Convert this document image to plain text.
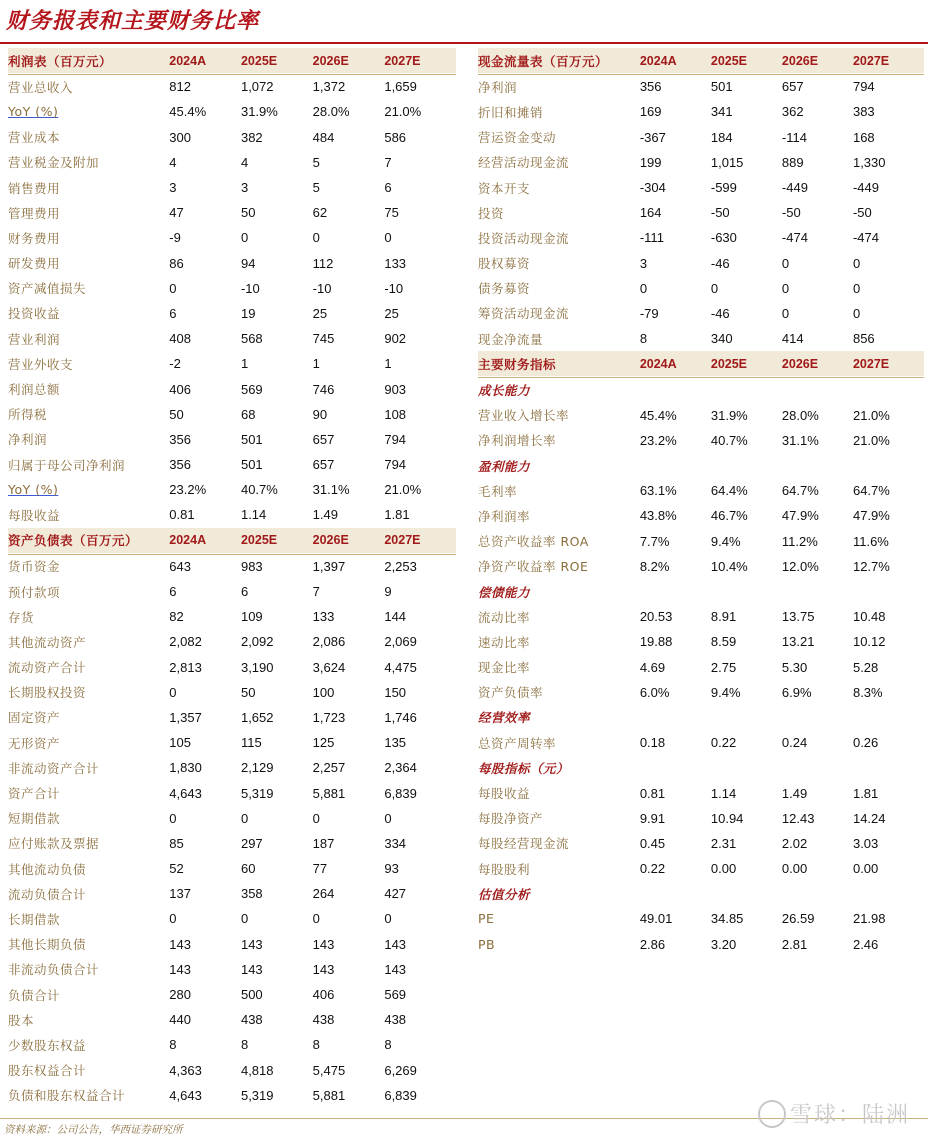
财务报表和主要财务比率
利润表（百万元）	2024A	2025E	2026E	2027E
营业总收入	812	1,072	1,372	1,659
YoY (%)	45.4%	31.9%	28.0%	21.0%
营业成本	300	382	484	586
营业税金及附加	4	4	5	7
销售费用	3	3	5	6
管理费用	47	50	62	75
财务费用	-9	0	0	0
研发费用	86	94	112	133
资产减值损失	0	-10	-10	-10
投资收益	6	19	25	25
营业利润	408	568	745	902
营业外收支	-2	1	1	1
利润总额	406	569	746	903
所得税	50	68	90	108
净利润	356	501	657	794
归属于母公司净利润	356	501	657	794
YoY (%)	23.2%	40.7%	31.1%	21.0%
每股收益	0.81	1.14	1.49	1.81
资产负债表（百万元）	2024A	2025E	2026E	2027E
货币资金	643	983	1,397	2,253
预付款项	6	6	7	9
存货	82	109	133	144
其他流动资产	2,082	2,092	2,086	2,069
流动资产合计	2,813	3,190	3,624	4,475
长期股权投资	0	50	100	150
固定资产	1,357	1,652	1,723	1,746
无形资产	105	115	125	135
非流动资产合计	1,830	2,129	2,257	2,364
资产合计	4,643	5,319	5,881	6,839
短期借款	0	0	0	0
应付账款及票据	85	297	187	334
其他流动负债	52	60	77	93
流动负债合计	137	358	264	427
长期借款	0	0	0	0
其他长期负债	143	143	143	143
非流动负债合计	143	143	143	143
负债合计	280	500	406	569
股本	440	438	438	438
少数股东权益	8	8	8	8
股东权益合计	4,363	4,818	5,475	6,269
负债和股东权益合计	4,643	5,319	5,881	6,839
现金流量表（百万元）	2024A	2025E	2026E	2027E
净利润	356	501	657	794
折旧和摊销	169	341	362	383
营运资金变动	-367	184	-114	168
经营活动现金流	199	1,015	889	1,330
资本开支	-304	-599	-449	-449
投资	164	-50	-50	-50
投资活动现金流	-111	-630	-474	-474
股权募资	3	-46	0	0
债务募资	0	0	0	0
筹资活动现金流	-79	-46	0	0
现金净流量	8	340	414	856
主要财务指标	2024A	2025E	2026E	2027E
成长能力
营业收入增长率	45.4%	31.9%	28.0%	21.0%
净利润增长率	23.2%	40.7%	31.1%	21.0%
盈利能力
毛利率	63.1%	64.4%	64.7%	64.7%
净利润率	43.8%	46.7%	47.9%	47.9%
总资产收益率 ROA	7.7%	9.4%	11.2%	11.6%
净资产收益率 ROE	8.2%	10.4%	12.0%	12.7%
偿债能力
流动比率	20.53	8.91	13.75	10.48
速动比率	19.88	8.59	13.21	10.12
现金比率	4.69	2.75	5.30	5.28
资产负债率	6.0%	9.4%	6.9%	8.3%
经营效率
总资产周转率	0.18	0.22	0.24	0.26
每股指标（元）
每股收益	0.81	1.14	1.49	1.81
每股净资产	9.91	10.94	12.43	14.24
每股经营现金流	0.45	2.31	2.02	3.03
每股股利	0.22	0.00	0.00	0.00
估值分析
PE	49.01	34.85	26.59	21.98
PB	2.86	3.20	2.81	2.46
资料来源：公司公告，华西证券研究所
雪球：陆洲
